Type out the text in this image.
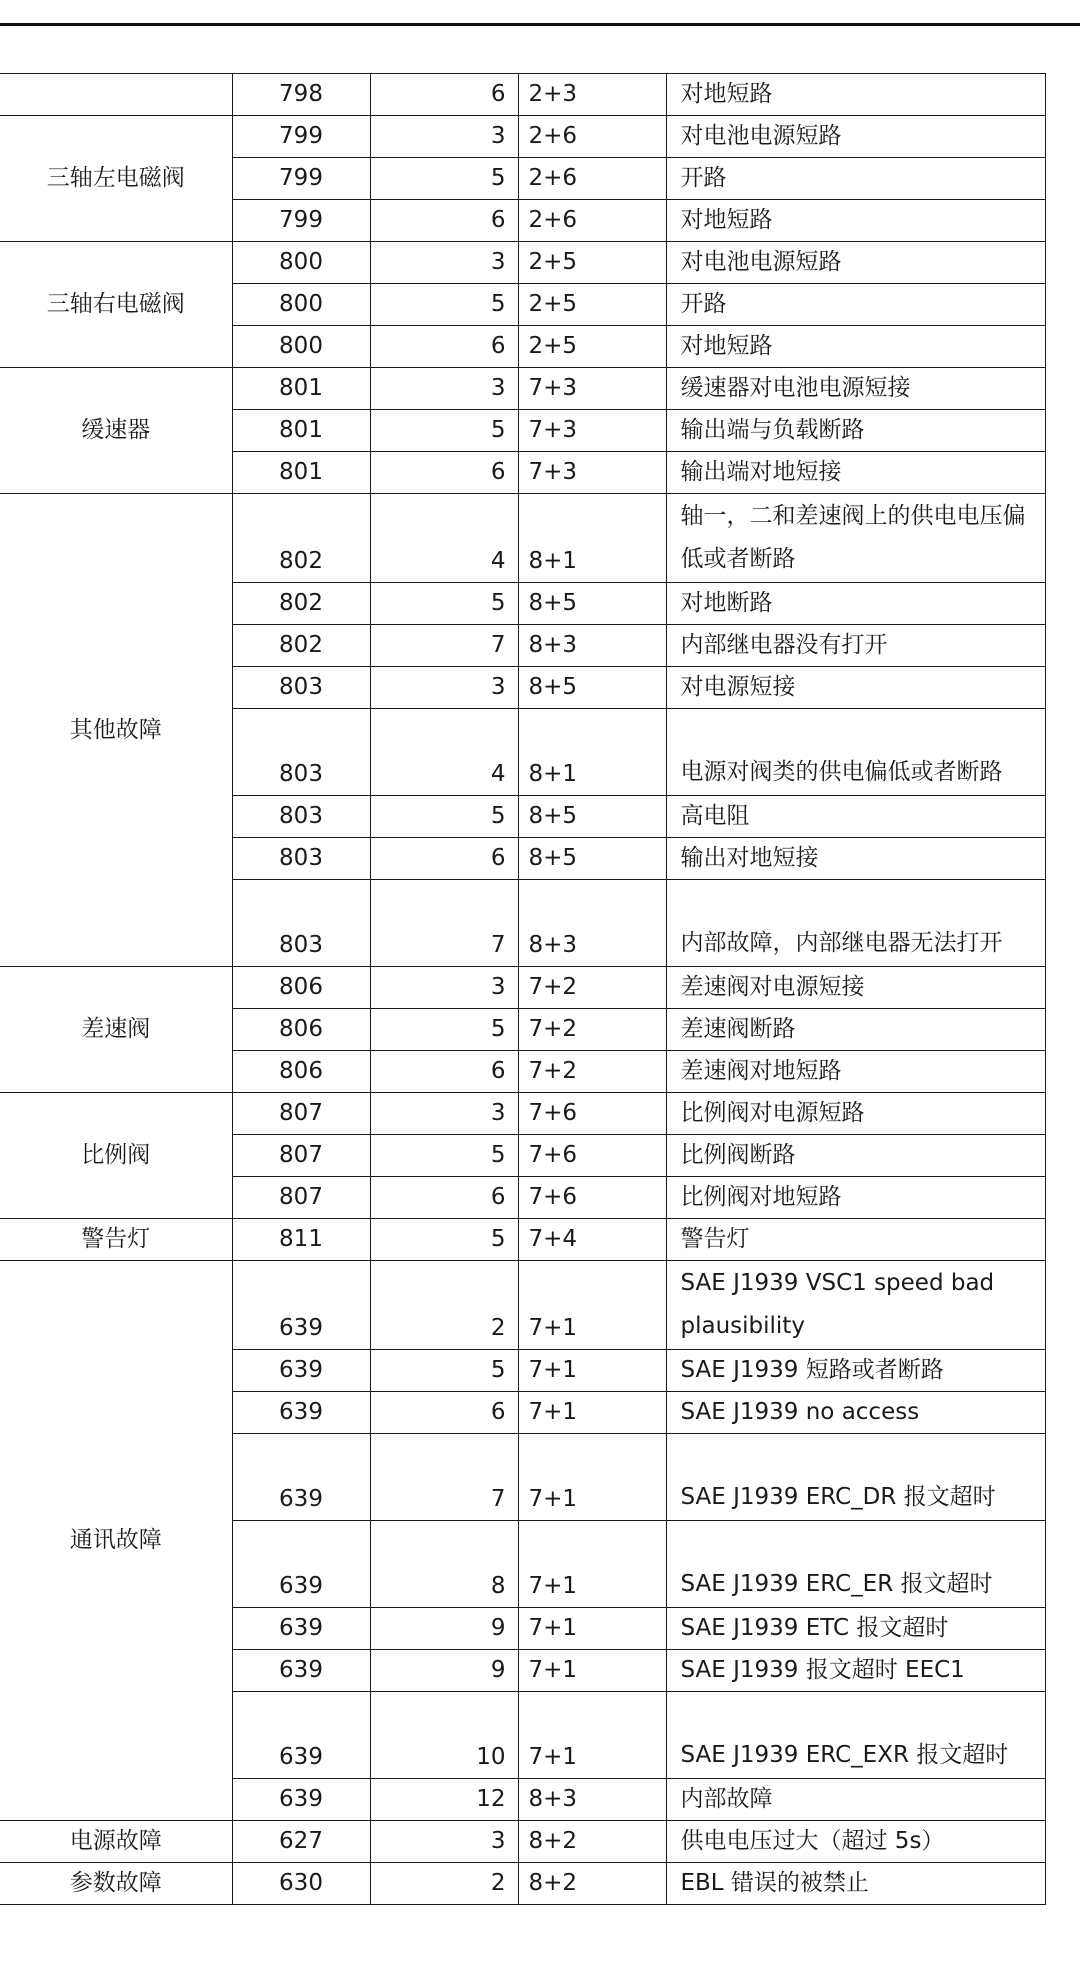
	798	6	2+3	对地短路
三轴左电磁阀	799	3	2+6	对电池电源短路
	799	5	2+6	开路
	799	6	2+6	对地短路
三轴右电磁阀	800	3	2+5	对电池电源短路
	800	5	2+5	开路
	800	6	2+5	对地短路
缓速器	801	3	7+3	缓速器对电池电源短接
	801	5	7+3	输出端与负载断路
	801	6	7+3	输出端对地短接
其他故障	802	4	8+1	轴一，二和差速阀上的供电电压偏低或者断路
	802	5	8+5	对地断路
	802	7	8+3	内部继电器没有打开
	803	3	8+5	对电源短接
	803	4	8+1	电源对阀类的供电偏低或者断路
	803	5	8+5	高电阻
	803	6	8+5	输出对地短接
	803	7	8+3	内部故障，内部继电器无法打开
差速阀	806	3	7+2	差速阀对电源短接
	806	5	7+2	差速阀断路
	806	6	7+2	差速阀对地短路
比例阀	807	3	7+6	比例阀对电源短路
	807	5	7+6	比例阀断路
	807	6	7+6	比例阀对地短路
警告灯	811	5	7+4	警告灯
通讯故障	639	2	7+1	SAE J1939 VSC1 speed bad plausibility
	639	5	7+1	SAE J1939 短路或者断路
	639	6	7+1	SAE J1939 no access
	639	7	7+1	SAE J1939 ERC_DR 报文超时
	639	8	7+1	SAE J1939 ERC_ER 报文超时
	639	9	7+1	SAE J1939 ETC 报文超时
	639	9	7+1	SAE J1939 报文超时 EEC1
	639	10	7+1	SAE J1939 ERC_EXR 报文超时
	639	12	8+3	内部故障
电源故障	627	3	8+2	供电电压过大（超过 5s）
参数故障	630	2	8+2	EBL 错误的被禁止
